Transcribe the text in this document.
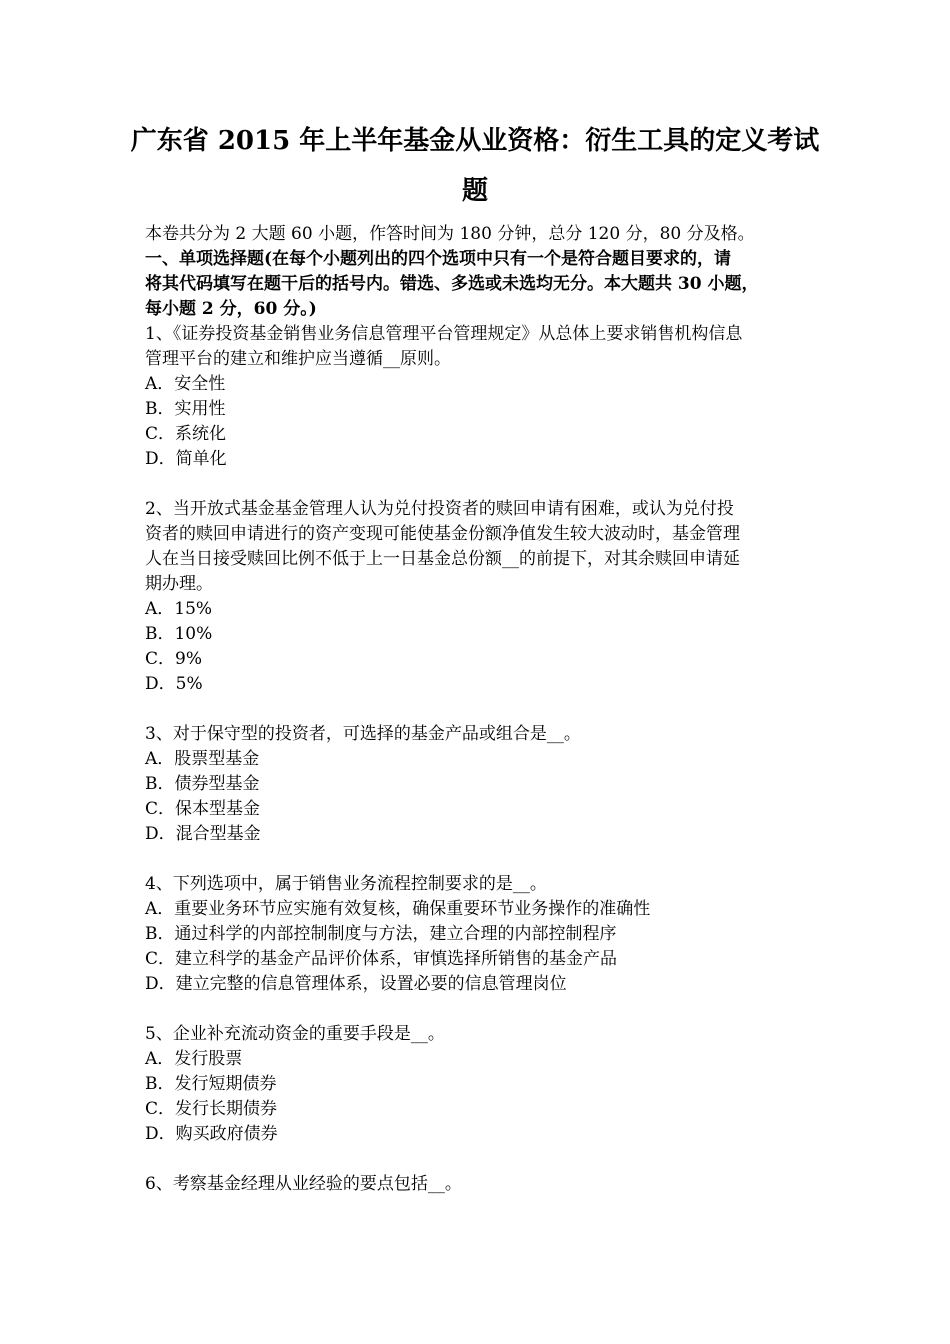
广东省 2015 年上半年基金从业资格：衍生工具的定义考试题
本卷共分为 2 大题 60 小题，作答时间为 180 分钟，总分 120 分，80 分及格。
一、单项选择题(在每个小题列出的四个选项中只有一个是符合题目要求的，请
将其代码填写在题干后的括号内。错选、多选或未选均无分。本大题共 30 小题，
每小题 2 分，60 分。)
1、《证券投资基金销售业务信息管理平台管理规定》从总体上要求销售机构信息
管理平台的建立和维护应当遵循__原则。
A．安全性
B．实用性
C．系统化
D．简单化
2、当开放式基金基金管理人认为兑付投资者的赎回申请有困难，或认为兑付投
资者的赎回申请进行的资产变现可能使基金份额净值发生较大波动时，基金管理
人在当日接受赎回比例不低于上一日基金总份额__的前提下，对其余赎回申请延
期办理。
A．15%
B．10%
C．9%
D．5%
3、对于保守型的投资者，可选择的基金产品或组合是__。
A．股票型基金
B．债券型基金
C．保本型基金
D．混合型基金
4、下列选项中，属于销售业务流程控制要求的是__。
A．重要业务环节应实施有效复核，确保重要环节业务操作的准确性
B．通过科学的内部控制制度与方法，建立合理的内部控制程序
C．建立科学的基金产品评价体系，审慎选择所销售的基金产品
D．建立完整的信息管理体系，设置必要的信息管理岗位
5、企业补充流动资金的重要手段是__。
A．发行股票
B．发行短期债券
C．发行长期债券
D．购买政府债券
6、考察基金经理从业经验的要点包括__。
